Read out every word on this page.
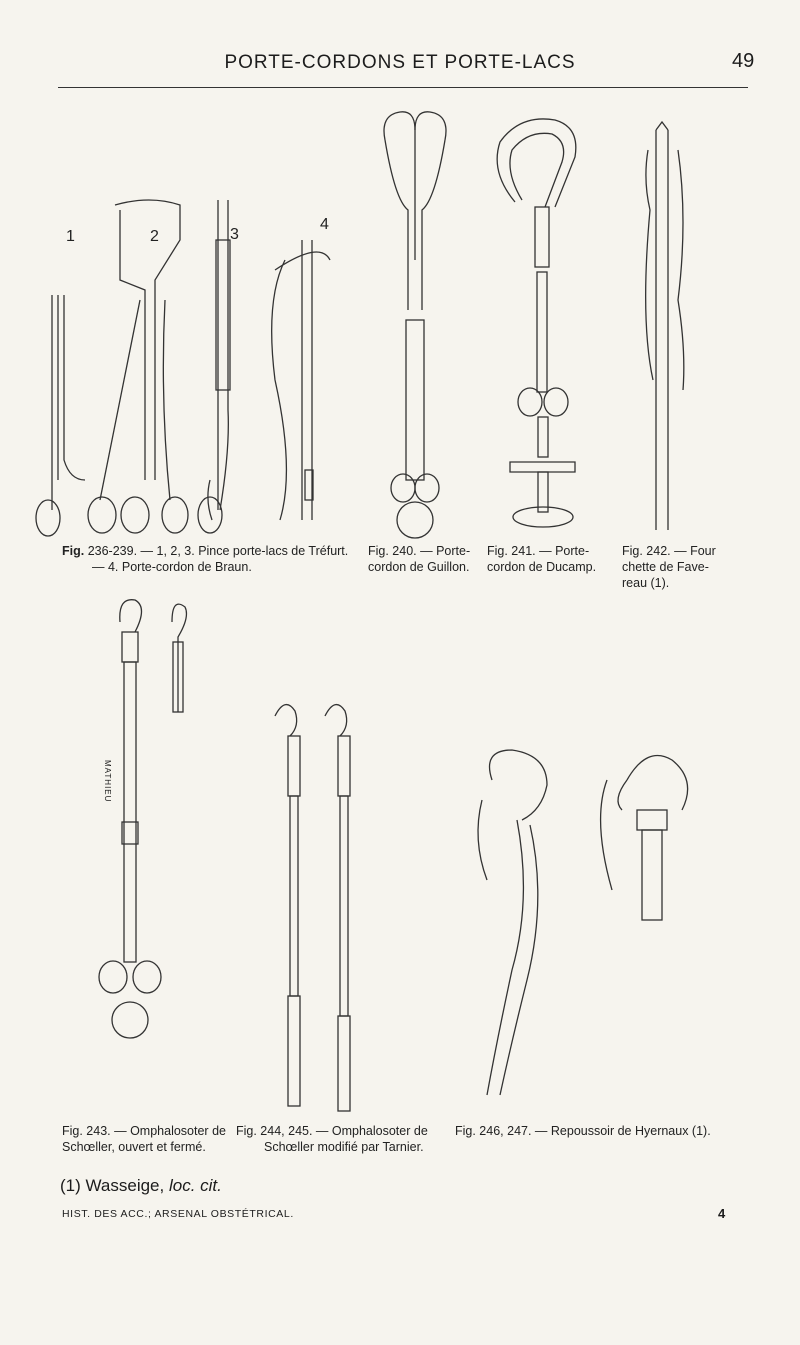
PORTE-CORDONS ET PORTE-LACS	49
1	2	3
4
Fig. 236-239. — 1, 2, 3. Pince porte-lacs de Tréfurt.
— 4. Porte-cordon de Braun.
Fig. 240. — Porte-
cordon de Guillon.
Fig. 241. — Porte-
cordon de Ducamp.
Fig. 242. — Four
chette de Fave-
reau (1).
MATHIEU
Fig. 243. — Omphalosoter de
Schœller, ouvert et fermé.
Fig. 244, 245. — Omphalosoter de
Schœller modifié par Tarnier.
Fig. 246, 247. — Repoussoir de Hyernaux (1).
(1) Wasseige, loc. cit.
HIST. DES ACC.; ARSENAL OBSTÉTRICAL.	4
